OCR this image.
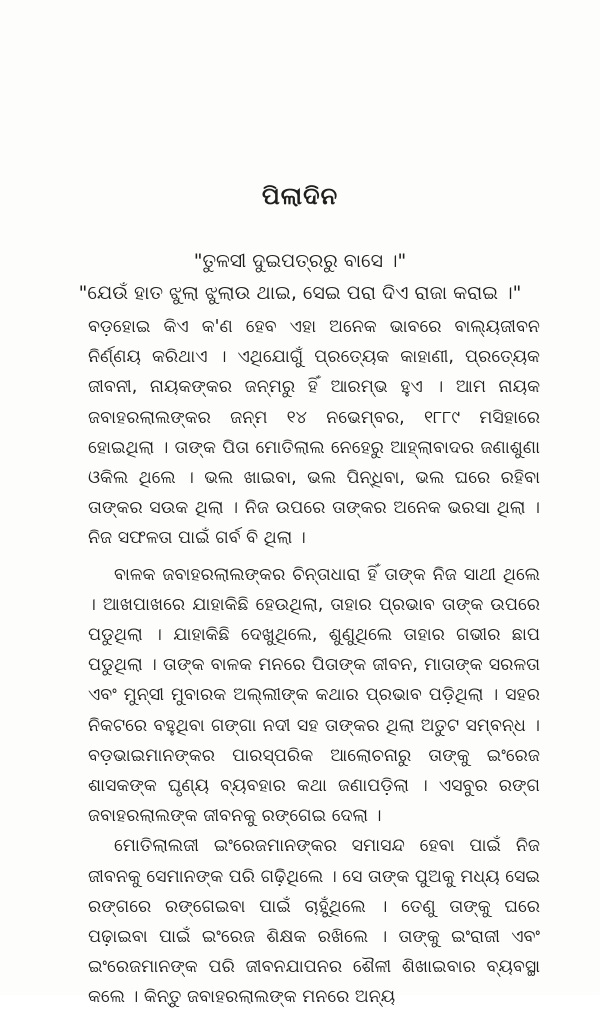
ପିଲାଦିନ
"ତୁଳସୀ ଦୁଇପତ୍ରରୁ ବାସେ ।"
"ଯେଉଁ ହାତ ଝୁଲା ଝୁଲାଉ ଥାଇ, ସେଇ ପରା ଦିଏ ରାଜା କରାଇ ।"

ବଡ଼ହୋଇ କିଏ କ'ଣ ହେବ ଏହା ଅନେକ ଭାବରେ ବାଲ୍ୟଜୀବନ ନିର୍ଣ୍ଣୟ କରିଥାଏ । ଏଥିଯୋଗୁଁ ପ୍ରତ୍ୟେକ କାହାଣୀ, ପ୍ରତ୍ୟେକ ଜୀବନୀ, ନାୟକଙ୍କର ଜନ୍ମରୁ ହିଁ ଆରମ୍ଭ ହୁଏ । ଆମ ନାୟକ ଜବାହରଲାଲଙ୍କର ଜନ୍ମ ୧୪ ନଭେମ୍ବର, ୧୮୮୯ ମସିହାରେ ହୋଇଥିଲା । ତାଙ୍କ ପିତା ମୋତିଲାଲ ନେହେରୁ ଆହ୍ଲାବାଦର ଜଣାଶୁଣା ଓକିଲ ଥିଲେ । ଭଲ ଖାଇବା, ଭଲ ପିନ୍ଧିବା, ଭଲ ଘରେ ରହିବା ତାଙ୍କର ସଉକ ଥିଲା । ନିଜ ଉପରେ ତାଙ୍କର ଅନେକ ଭରସା ଥିଲା । ନିଜ ସଫଳତା ପାଇଁ ଗର୍ବ ବି ଥିଲା ।

ବାଳକ ଜବାହରଲାଲଙ୍କର ଚିନ୍ତାଧାରା ହିଁ ତାଙ୍କ ନିଜ ସାଥୀ ଥିଲେ । ଆଖପାଖରେ ଯାହାକିଛି ହେଉଥିଲା, ତାହାର ପ୍ରଭାବ ତାଙ୍କ ଉପରେ ପଡୁଥିଲା । ଯାହାକିଛି ଦେଖୁଥିଲେ, ଶୁଣୁଥିଲେ ତାହାର ଗଭୀର ଛାପ ପଡୁଥିଲା । ତାଙ୍କ ବାଳକ ମନରେ ପିତାଙ୍କ ଜୀବନ, ମାତାଙ୍କ ସରଳତା ଏବଂ ମୁନ୍ସୀ ମୁବାରକ ଅଲ୍ଲୀଙ୍କ କଥାର ପ୍ରଭାବ ପଡ଼ିଥିଲା । ସହର ନିକଟରେ ବହୁଥିବା ଗଙ୍ଗା ନଦୀ ସହ ତାଙ୍କର ଥିଲା ଅତୁଟ ସମ୍ବନ୍ଧ । ବଡ଼ଭାଇମାନଙ୍କର ପାରସ୍ପରିକ ଆଲୋଚନାରୁ ତାଙ୍କୁ ଇଂରେଜ ଶାସକଙ୍କ ଘୃଣ୍ୟ ବ୍ୟବହାର କଥା ଜଣାପଡ଼ିଲା । ଏସବୁର ରଙ୍ଗ ଜବାହରଲାଲଙ୍କ ଜୀବନକୁ ରଙ୍ଗେଇ ଦେଲା ।

ମୋତିଲାଲଜୀ ଇଂରେଜମାନଙ୍କର ସମାସନ୍ଦ ହେବା ପାଇଁ ନିଜ ଜୀବନକୁ ସେମାନଙ୍କ ପରି ଗଢ଼ିଥିଲେ । ସେ ତାଙ୍କ ପୁଅକୁ ମଧ୍ୟ ସେଇ ରଙ୍ଗରେ ରଙ୍ଗେଇବା ପାଇଁ ଚାହୁଁଥିଲେ । ତେଣୁ ତାଙ୍କୁ ଘରେ ପଢ଼ାଇବା ପାଇଁ ଇଂରେଜ ଶିକ୍ଷକ ରଖିଲେ । ତାଙ୍କୁ ଇଂରାଜୀ ଏବଂ ଇଂରେଜମାନଙ୍କ ପରି ଜୀବନଯାପନର ଶୈଳୀ ଶିଖାଇବାର ବ୍ୟବସ୍ଥା କଲେ । କିନ୍ତୁ ଜବାହରଲାଲଙ୍କ ମନରେ ଅନ୍ୟ
